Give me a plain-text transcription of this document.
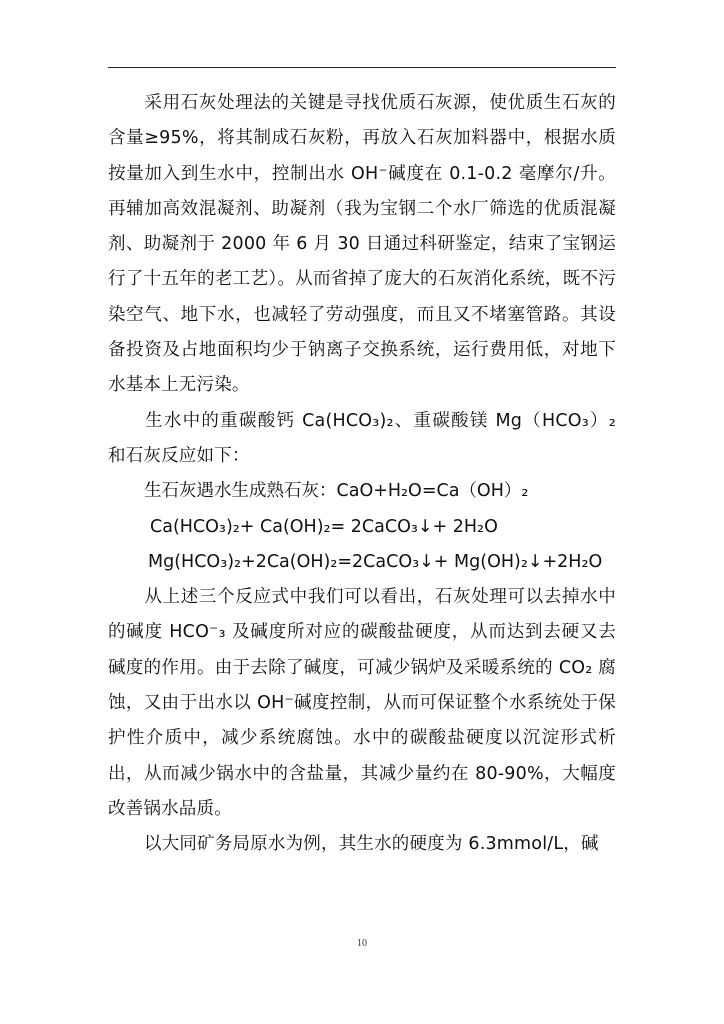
采用石灰处理法的关键是寻找优质石灰源，使优质生石灰的含量≥95%，将其制成石灰粉，再放入石灰加料器中，根据水质按量加入到生水中，控制出水 OH⁻碱度在 0.1-0.2 毫摩尔/升。再辅加高效混凝剂、助凝剂（我为宝钢二个水厂筛选的优质混凝剂、助凝剂于 2000 年 6 月 30 日通过科研鉴定，结束了宝钢运行了十五年的老工艺）。从而省掉了庞大的石灰消化系统，既不污染空气、地下水，也减轻了劳动强度，而且又不堵塞管路。其设备投资及占地面积均少于钠离子交换系统，运行费用低，对地下水基本上无污染。

生水中的重碳酸钙 Ca(HCO₃)₂、重碳酸镁 Mg（HCO₃）₂ 和石灰反应如下：

生石灰遇水生成熟石灰：CaO+H₂O=Ca（OH）₂

Ca(HCO₃)₂+ Ca(OH)₂= 2CaCO₃↓+ 2H₂O

Mg(HCO₃)₂+2Ca(OH)₂=2CaCO₃↓+ Mg(OH)₂↓+2H₂O

从上述三个反应式中我们可以看出，石灰处理可以去掉水中的碱度 HCO⁻₃ 及碱度所对应的碳酸盐硬度，从而达到去硬又去碱度的作用。由于去除了碱度，可减少锅炉及采暖系统的 CO₂ 腐蚀，又由于出水以 OH⁻碱度控制，从而可保证整个水系统处于保护性介质中，减少系统腐蚀。水中的碳酸盐硬度以沉淀形式析出，从而减少锅水中的含盐量，其减少量约在 80-90%，大幅度改善锅水品质。

以大同矿务局原水为例，其生水的硬度为 6.3mmol/L，碱

10
